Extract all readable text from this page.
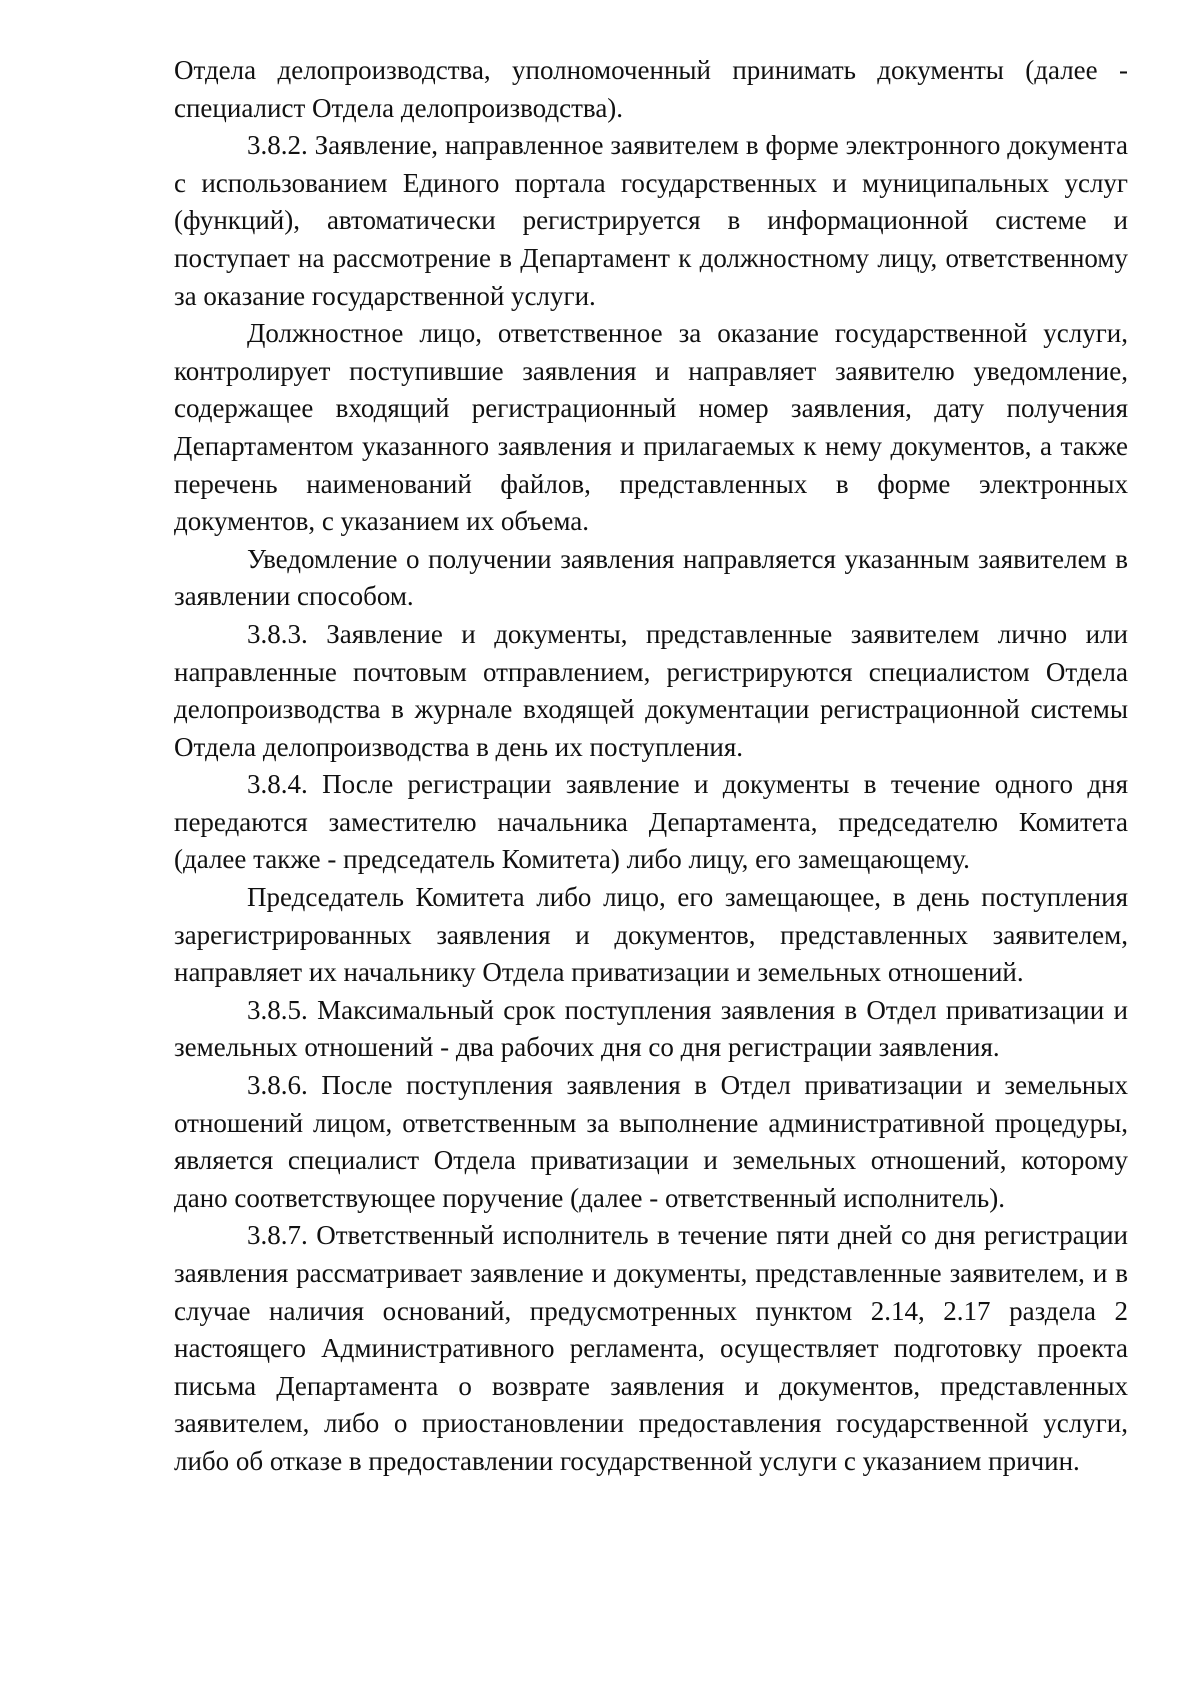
Отдела делопроизводства, уполномоченный принимать документы (далее - специалист Отдела делопроизводства).

3.8.2. Заявление, направленное заявителем в форме электронного документа с использованием Единого портала государственных и муниципальных услуг (функций), автоматически регистрируется в информационной системе и поступает на рассмотрение в Департамент к должностному лицу, ответственному за оказание государственной услуги.

Должностное лицо, ответственное за оказание государственной услуги, контролирует поступившие заявления и направляет заявителю уведомление, содержащее входящий регистрационный номер заявления, дату получения Департаментом указанного заявления и прилагаемых к нему документов, а также перечень наименований файлов, представленных в форме электронных документов, с указанием их объема.

Уведомление о получении заявления направляется указанным заявителем в заявлении способом.

3.8.3. Заявление и документы, представленные заявителем лично или направленные почтовым отправлением, регистрируются специалистом Отдела делопроизводства в журнале входящей документации регистрационной системы Отдела делопроизводства в день их поступления.

3.8.4. После регистрации заявление и документы в течение одного дня передаются заместителю начальника Департамента, председателю Комитета (далее также - председатель Комитета) либо лицу, его замещающему.

Председатель Комитета либо лицо, его замещающее, в день поступления зарегистрированных заявления и документов, представленных заявителем, направляет их начальнику Отдела приватизации и земельных отношений.

3.8.5. Максимальный срок поступления заявления в Отдел приватизации и земельных отношений - два рабочих дня со дня регистрации заявления.

3.8.6. После поступления заявления в Отдел приватизации и земельных отношений лицом, ответственным за выполнение административной процедуры, является специалист Отдела приватизации и земельных отношений, которому дано соответствующее поручение (далее - ответственный исполнитель).

3.8.7. Ответственный исполнитель в течение пяти дней со дня регистрации заявления рассматривает заявление и документы, представленные заявителем, и в случае наличия оснований, предусмотренных пунктом 2.14, 2.17 раздела 2 настоящего Административного регламента, осуществляет подготовку проекта письма Департамента о возврате заявления и документов, представленных заявителем, либо о приостановлении предоставления государственной услуги, либо об отказе в предоставлении государственной услуги с указанием причин.
